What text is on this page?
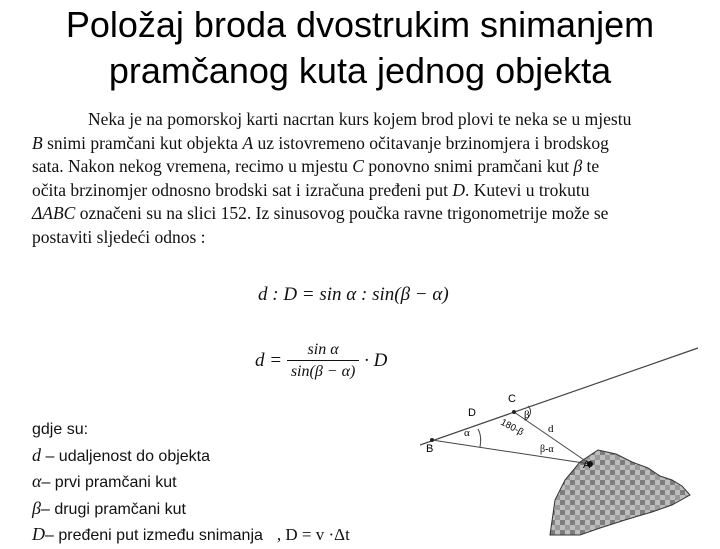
Položaj broda dvostrukim snimanjem
pramčanog kuta jednog objekta
Neka je na pomorskoj karti nacrtan kurs kojem brod plovi te neka se u mjestu
B snimi pramčani kut objekta A uz istovremeno očitavanje brzinomjera i brodskog
sata. Nakon nekog vremena, recimo u mjestu C ponovno snimi pramčani kut β te
očita brzinomjer odnosno brodski sat i izračuna pređeni put D. Kutevi u trokutu
ΔABC označeni su na slici 152. Iz sinusovog poučka ravne trigonometrije može se
postaviti sljedeći odnos :
d : D = sin α : sin(β − α)
$d = \frac{\text{sin α}}{\sin(\beta - \alpha)} \cdot D$
gdje su:
d – udaljenost do objekta
α– prvi pramčani kut
β– drugi pramčani kut
D– pređeni put između snimanja , D = v ·Δt
B
D
C
α
β
180-β d
β-α
A
